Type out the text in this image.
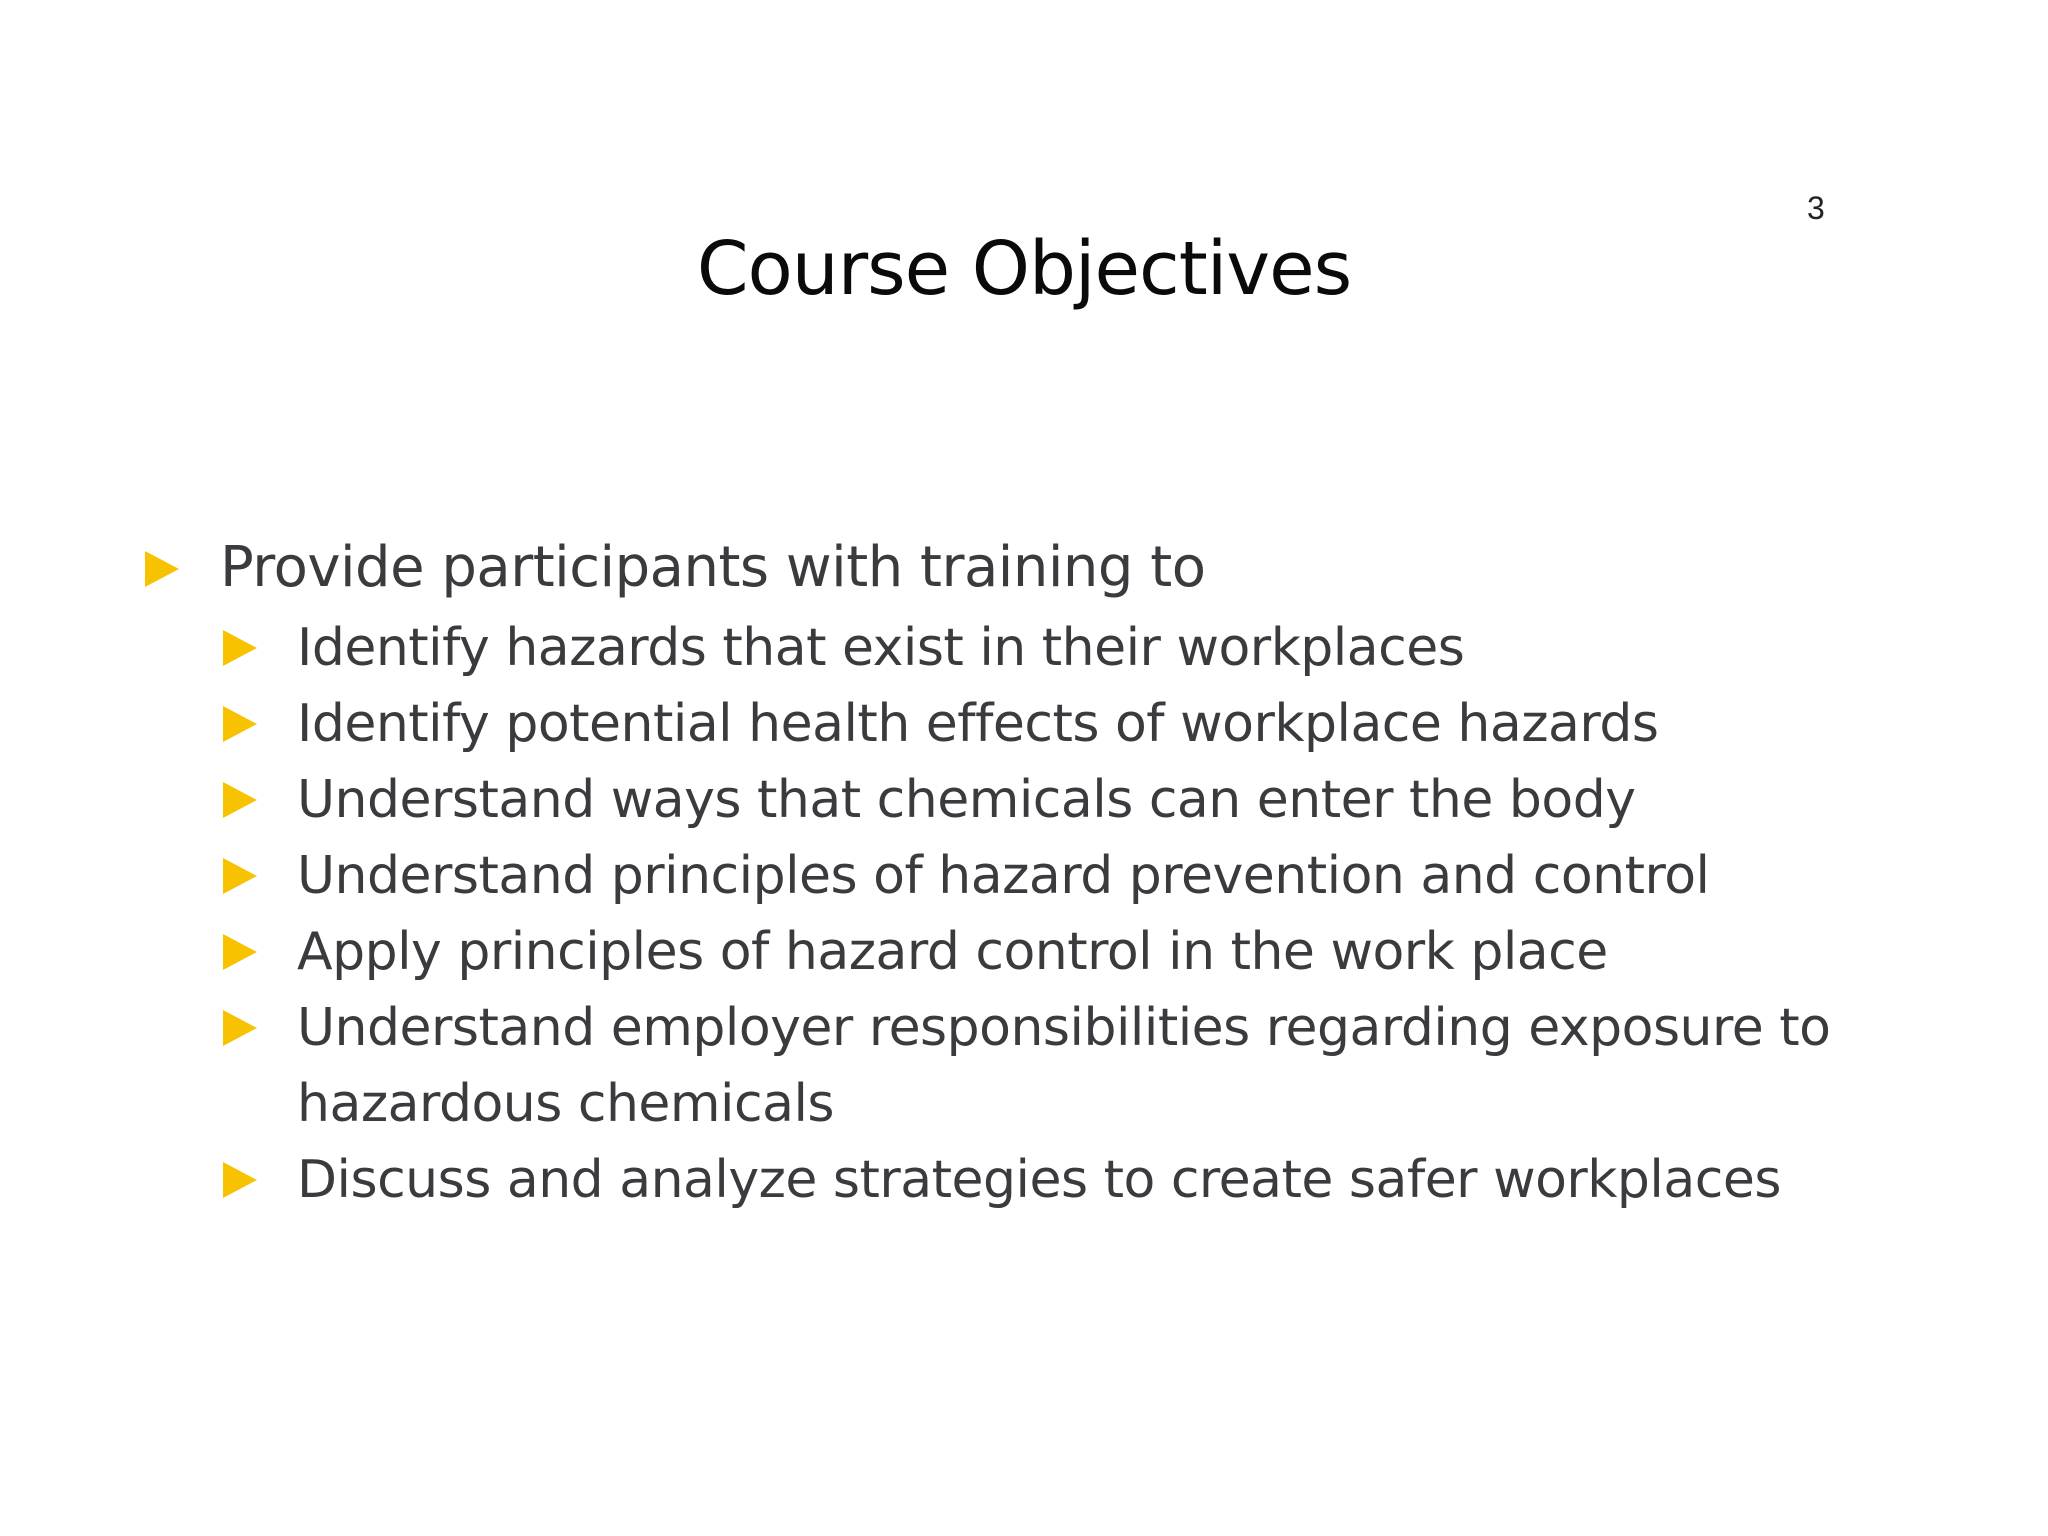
3
Course Objectives
Provide participants with training to
Identify hazards that exist in their workplaces
Identify potential health effects of workplace hazards
Understand ways that chemicals can enter the body
Understand principles of hazard prevention and control
Apply principles of hazard control in the work place
Understand employer responsibilities regarding exposure to hazardous chemicals
Discuss and analyze strategies to create safer workplaces
